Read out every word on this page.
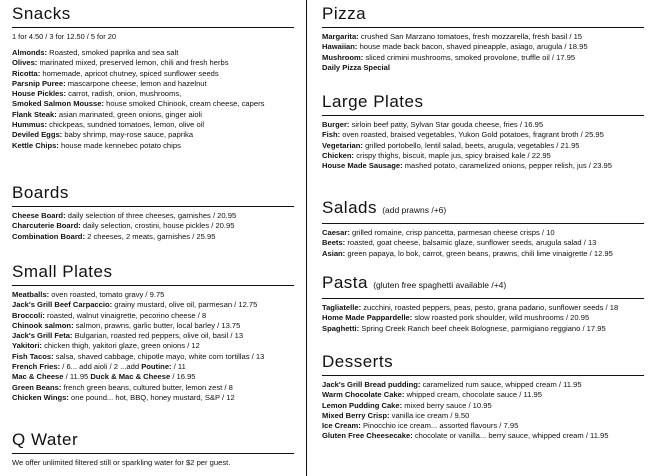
Snacks
1 for 4.50 / 3 for 12.50 / 5 for 20
Almonds: Roasted, smoked paprika and sea salt
Olives: marinated mixed, preserved lemon, chili and fresh herbs
Ricotta: homemade, apricot chutney, spiced sunflower seeds
Parsnip Puree: mascarpone cheese, lemon and hazelnut
House Pickles: carrot, radish, onion, mushrooms,
Smoked Salmon Mousse: house smoked Chinook, cream cheese, capers
Flank Steak: asian marinated, green onions, ginger aioli
Hummus: chickpeas, sundried tomatoes, lemon, olive oil
Deviled Eggs: baby shrimp, may-rose sauce, paprika
Kettle Chips: house made kennebec potato chips
Boards
Cheese Board: daily selection of three cheeses, garnishes / 20.95
Charcuterie Board: daily selection, crostini, house pickles / 20.95
Combination Board: 2 cheeses, 2 meats, garnishes / 25.95
Small Plates
Meatballs: oven roasted, tomato gravy / 9.75
Jack's Grill Beef Carpaccio: grainy mustard, olive oil, parmesan / 12.75
Broccoli: roasted, walnut vinaigrette, pecorino cheese / 8
Chinook salmon: salmon, prawns, garlic butter, local barley / 13.75
Jack's Grill Feta: Bulgarian, roasted red peppers, olive oil, basil / 13
Yakitori: chicken thigh, yakitori glaze, green onions / 12
Fish Tacos: salsa, shaved cabbage, chipotle mayo, white corn tortillas / 13
French Fries: / 6... add aioli / 2 ...add Poutine: / 11
Mac & Cheese / 11.95 Duck & Mac & Cheese / 16.95
Green Beans: french green beans, cultured butter, lemon zest / 8
Chicken Wings: one pound... hot, BBQ, honey mustard, S&P / 12
Q Water
We offer unlimited filtered still or sparkling water for $2 per guest.
Pizza
Margarita: crushed San Marzano tomatoes, fresh mozzarella, fresh basil / 15
Hawaiian: house made back bacon, shaved pineapple, asiago, arugula / 18.95
Mushroom: sliced crimini mushrooms, smoked provolone, truffle oil / 17.95
Daily Pizza Special
Large Plates
Burger: sirloin beef patty, Sylvan Star gouda cheese, fries / 16.95
Fish: oven roasted, braised vegetables, Yukon Gold potatoes, fragrant broth / 25.95
Vegetarian: grilled portobello, lentil salad, beets, arugula, vegetables / 21.95
Chicken: crispy thighs, biscuit, maple jus, spicy braised kale / 22.95
House Made Sausage: mashed potato, caramelized onions, pepper relish, jus / 23.95
Salads (add prawns /+6)
Caesar: grilled romaine, crisp pancetta, parmesan cheese crisps / 10
Beets: roasted, goat cheese, balsamic glaze, sunflower seeds, arugula salad / 13
Asian: green papaya, lo bok, carrot, green beans, prawns, chili lime vinaigrette / 12.95
Pasta (gluten free spaghetti available /+4)
Tagliatelle: zucchini, roasted peppers, peas, pesto, grana padano, sunflower seeds / 18
Home Made Pappardelle: slow roasted pork shoulder, wild mushrooms / 20.95
Spaghetti: Spring Creek Ranch beef cheek Bolognese, parmigiano reggiano / 17.95
Desserts
Jack's Grill Bread pudding: caramelized rum sauce, whipped cream / 11.95
Warm Chocolate Cake: whipped cream, chocolate sauce / 11.95
Lemon Pudding Cake: mixed berry sauce / 10.95
Mixed Berry Crisp: vanilla ice cream / 9.50
Ice Cream: Pinocchio ice cream... assorted flavours / 7.95
Gluten Free Cheesecake: chocolate or vanilla... berry sauce, whipped cream / 11.95
